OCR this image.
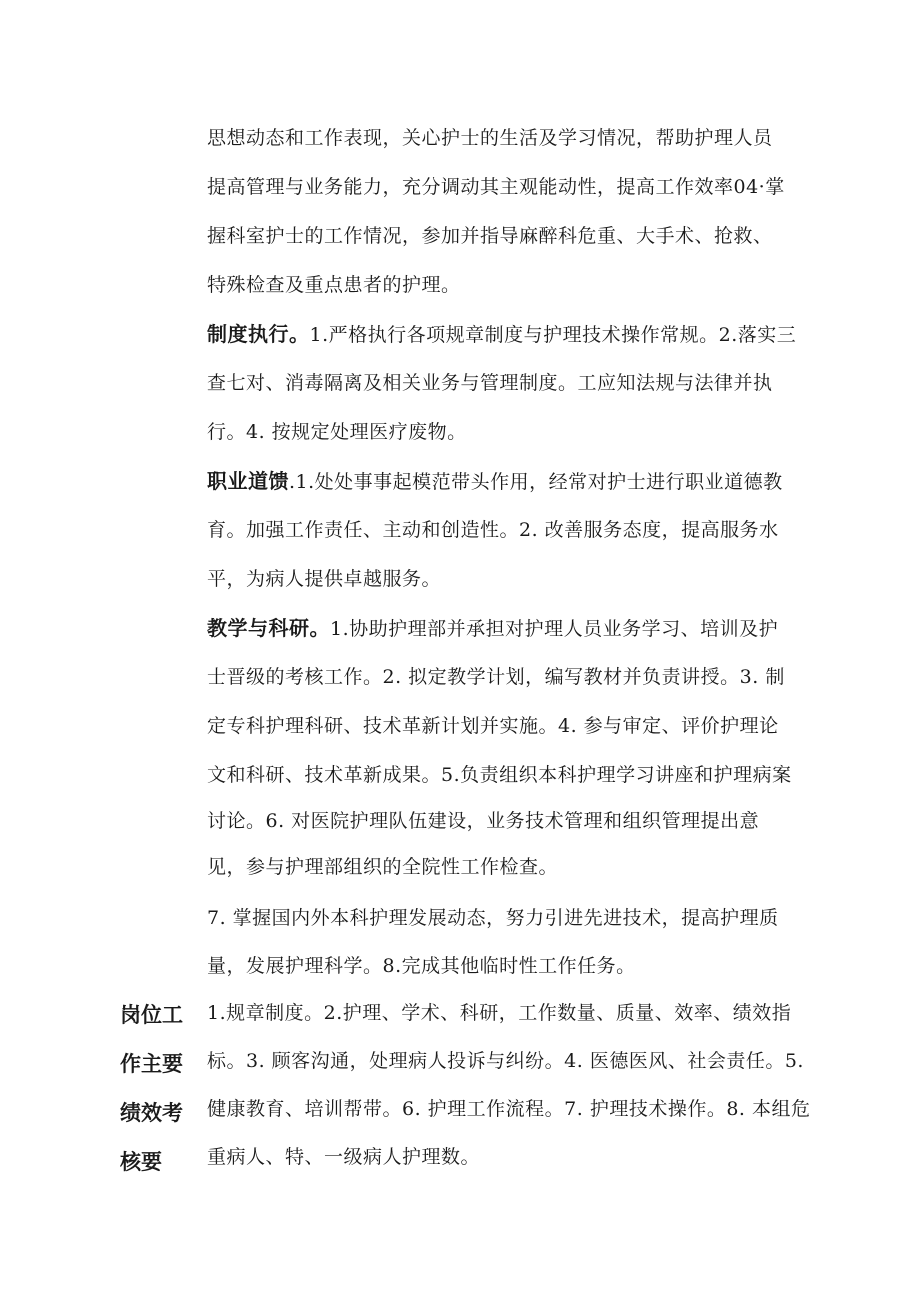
思想动态和工作表现，关心护士的生活及学习情况，帮助护理人员
提高管理与业务能力，充分调动其主观能动性，提高工作效率04·掌
握科室护士的工作情况，参加并指导麻醉科危重、大手术、抢救、
特殊检查及重点患者的护理。
制度执行。1.严格执行各项规章制度与护理技术操作常规。2.落实三
查七对、消毒隔离及相关业务与管理制度。工应知法规与法律并执
行。4. 按规定处理医疗废物。
职业道馈.1.处处事事起模范带头作用，经常对护士进行职业道德教
育。加强工作责任、主动和创造性。2. 改善服务态度，提高服务水
平，为病人提供卓越服务。
教学与科研。1.协助护理部并承担对护理人员业务学习、培训及护
士晋级的考核工作。2. 拟定教学计划，编写教材并负责讲授。3. 制
定专科护理科研、技术革新计划并实施。4. 参与审定、评价护理论
文和科研、技术革新成果。5.负责组织本科护理学习讲座和护理病案
讨论。6. 对医院护理队伍建设，业务技术管理和组织管理提出意
见，参与护理部组织的全院性工作检查。
7. 掌握国内外本科护理发展动态，努力引进先进技术，提高护理质
量，发展护理科学。8.完成其他临时性工作任务。
岗位工
作主要
绩效考
核要
1.规章制度。2.护理、学术、科研，工作数量、质量、效率、绩效指
标。3. 顾客沟通，处理病人投诉与纠纷。4. 医德医风、社会责任。5.
健康教育、培训帮带。6. 护理工作流程。7. 护理技术操作。8. 本组危
重病人、特、一级病人护理数。
